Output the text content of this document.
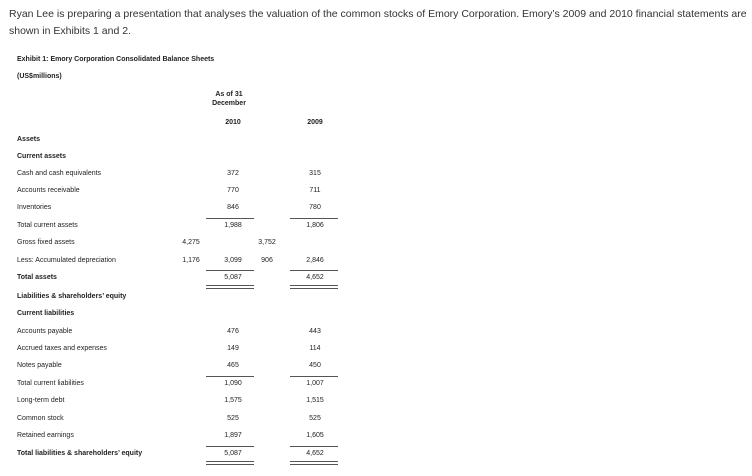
Ryan Lee is preparing a presentation that analyses the valuation of the common stocks of Emory Corporation. Emory’s 2009 and 2010 financial statements are shown in Exhibits 1 and 2.
Exhibit 1: Emory Corporation Consolidated Balance Sheets
(US$millions)
As of 31
December
2010	2009
Assets
Current assets
Cash and cash equivalents	372	315
Accounts receivable	770	711
Inventories	846	780
Total current assets	1,988	1,806
Gross fixed assets	4,275	3,752
Less: Accumulated depreciation	1,176	3,099	906	2,846
Total assets	5,087	4,652
Liabilities & shareholders’ equity
Current liabilities
Accounts payable	476	443
Accrued taxes and expenses	149	114
Notes payable	465	450
Total current liabilities	1,090	1,007
Long-term debt	1,575	1,515
Common stock	525	525
Retained earnings	1,897	1,605
Total liabilities & shareholders’ equity	5,087	4,652
